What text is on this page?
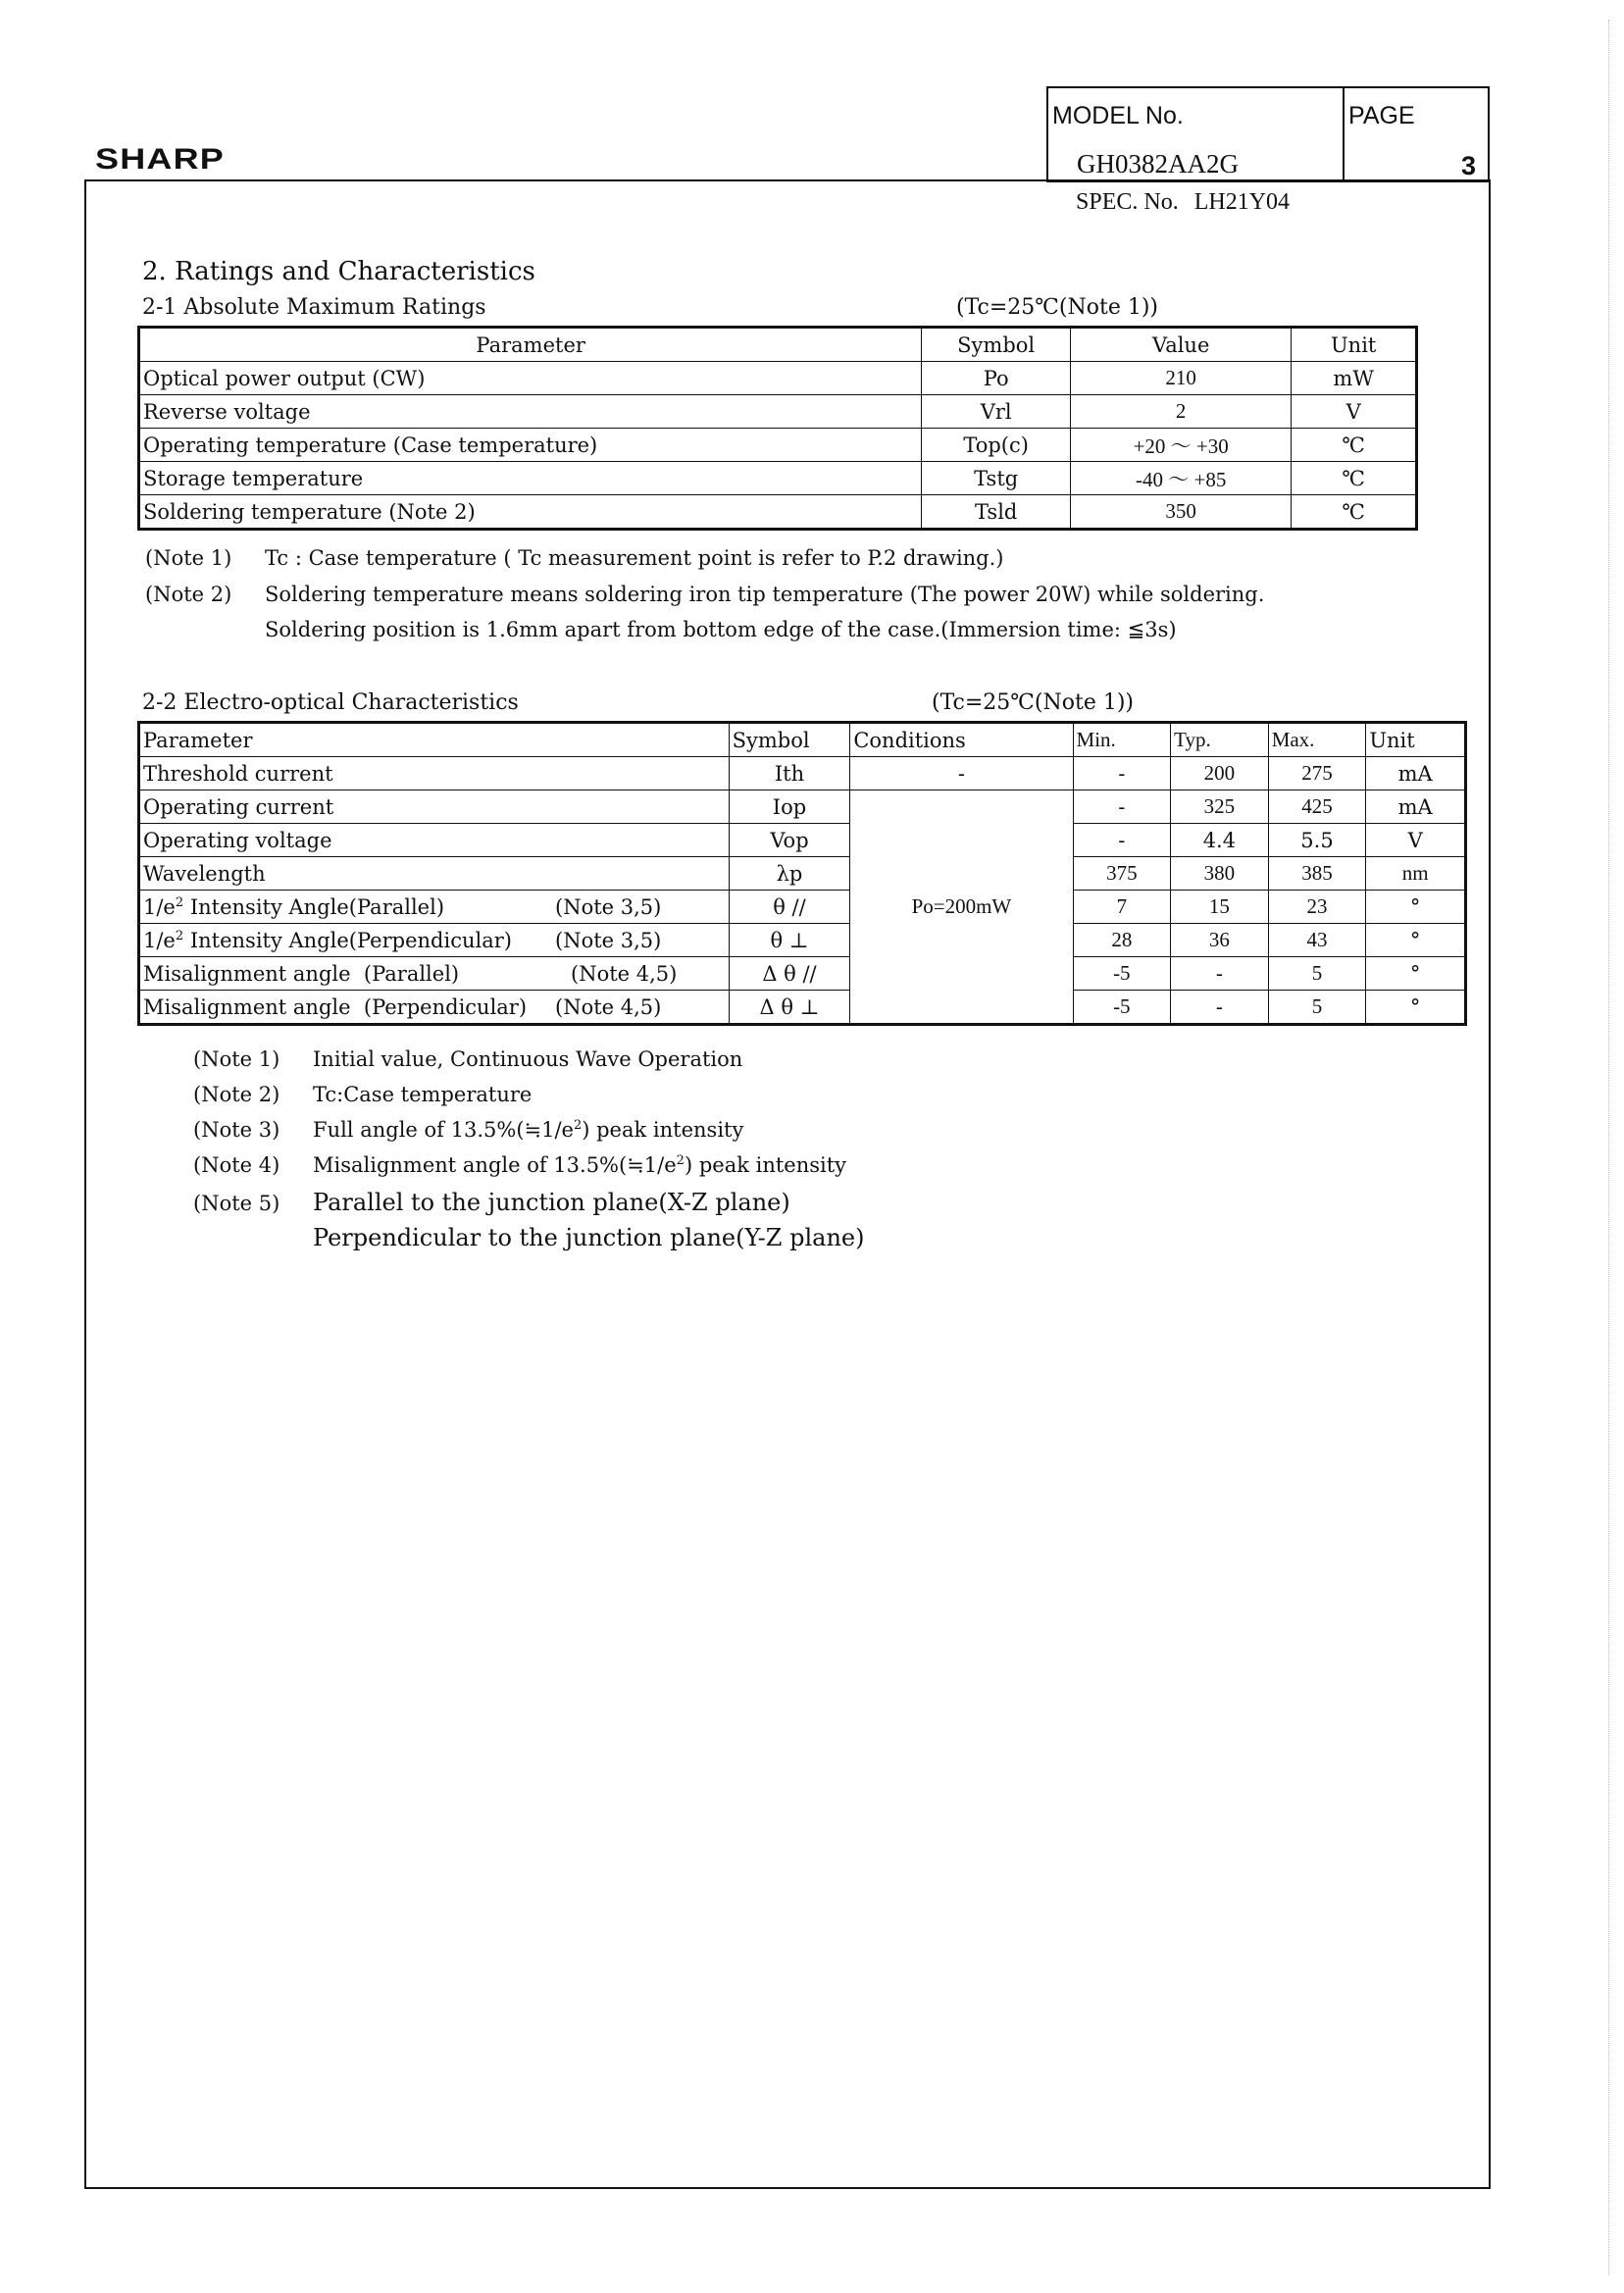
SHARP
MODEL No.
GH0382AA2G
PAGE
3
SPEC. No. LH21Y04
2. Ratings and Characteristics
2-1 Absolute Maximum Ratings	(Tc=25℃(Note 1))
Parameter	Symbol	Value	Unit
Optical power output (CW)	Po	210	mW
Reverse voltage	Vrl	2	V
Operating temperature (Case temperature)	Top(c)	+20 ～ +30	℃
Storage temperature	Tstg	-40 ～ +85	℃
Soldering temperature (Note 2)	Tsld	350	℃
(Note 1) Tc : Case temperature ( Tc measurement point is refer to P.2 drawing.)
(Note 2) Soldering temperature means soldering iron tip temperature (The power 20W) while soldering.
Soldering position is 1.6mm apart from bottom edge of the case.(Immersion time: ≦3s)
2-2 Electro-optical Characteristics	(Tc=25℃(Note 1))
Parameter	Symbol	Conditions	Min.	Typ.	Max.	Unit
Threshold current	Ith	-	-	200	275	mA
Operating current	Iop	Po=200mW	-	325	425	mA
Operating voltage	Vop		-	4.4	5.5	V
Wavelength	λp		375	380	385	nm
$1/e^2$ Intensity Angle(Parallel) (Note 3,5)	θ //		7	15	23	°
$1/e^2$ Intensity Angle(Perpendicular) (Note 3,5)	θ ⊥		28	36	43	°
Misalignment angle  (Parallel) (Note 4,5)	Δ θ //		-5	-	5	°
Misalignment angle  (Perpendicular) (Note 4,5)	Δ θ ⊥		-5	-	5	°
(Note 1) Initial value, Continuous Wave Operation
(Note 2) Tc:Case temperature
(Note 3) Full angle of $13.5\%(≒1/e^2)$ peak intensity
(Note 4) Misalignment angle of $13.5\%(≒1/e^2)$ peak intensity
(Note 5) Parallel to the junction plane(X-Z plane)
Perpendicular to the junction plane(Y-Z plane)
